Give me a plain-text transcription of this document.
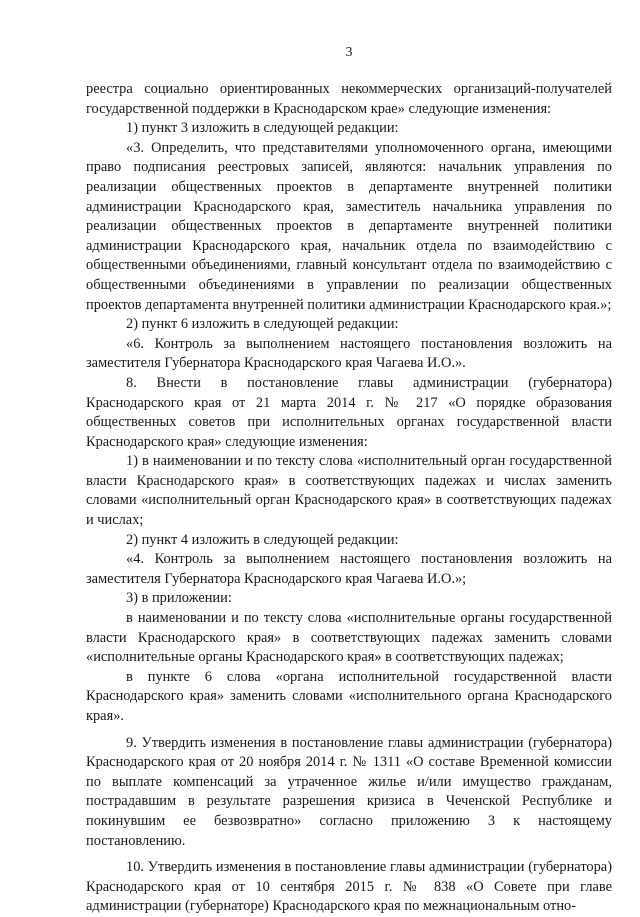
3

реестра социально ориентированных некоммерческих организаций-получателей государственной поддержки в Краснодарском крае» следующие изменения:

1) пункт 3 изложить в следующей редакции:

«3. Определить, что представителями уполномоченного органа, имеющими право подписания реестровых записей, являются: начальник управления по реализации общественных проектов в департаменте внутренней политики администрации Краснодарского края, заместитель начальника управления по реализации общественных проектов в департаменте внутренней политики администрации Краснодарского края, начальник отдела по взаимодействию с общественными объединениями, главный консультант отдела по взаимодействию с общественными объединениями в управлении по реализации общественных проектов департамента внутренней политики администрации Краснодарского края.»;

2) пункт 6 изложить в следующей редакции:

«6. Контроль за выполнением настоящего постановления возложить на заместителя Губернатора Краснодарского края Чагаева И.О.».

8. Внести в постановление главы администрации (губернатора) Краснодарского края от 21 марта 2014 г. № 217 «О порядке образования общественных советов при исполнительных органах государственной власти Краснодарского края» следующие изменения:

1) в наименовании и по тексту слова «исполнительный орган государственной власти Краснодарского края» в соответствующих падежах и числах заменить словами «исполнительный орган Краснодарского края» в соответствующих падежах и числах;

2) пункт 4 изложить в следующей редакции:

«4. Контроль за выполнением настоящего постановления возложить на заместителя Губернатора Краснодарского края Чагаева И.О.»;

3) в приложении:

в наименовании и по тексту слова «исполнительные органы государственной власти Краснодарского края» в соответствующих падежах заменить словами «исполнительные органы Краснодарского края» в соответствующих падежах;

в пункте 6 слова «органа исполнительной государственной власти Краснодарского края» заменить словами «исполнительного органа Краснодарского края».

9. Утвердить изменения в постановление главы администрации (губернатора) Краснодарского края от 20 ноября 2014 г. № 1311 «О составе Временной комиссии по выплате компенсаций за утраченное жилье и/или имущество гражданам, пострадавшим в результате разрешения кризиса в Чеченской Республике и покинувшим ее безвозвратно» согласно приложению 3 к настоящему постановлению.

10. Утвердить изменения в постановление главы администрации (губернатора) Краснодарского края от 10 сентября 2015 г. № 838 «О Совете при главе администрации (губернаторе) Краснодарского края по межнациональным отно-
